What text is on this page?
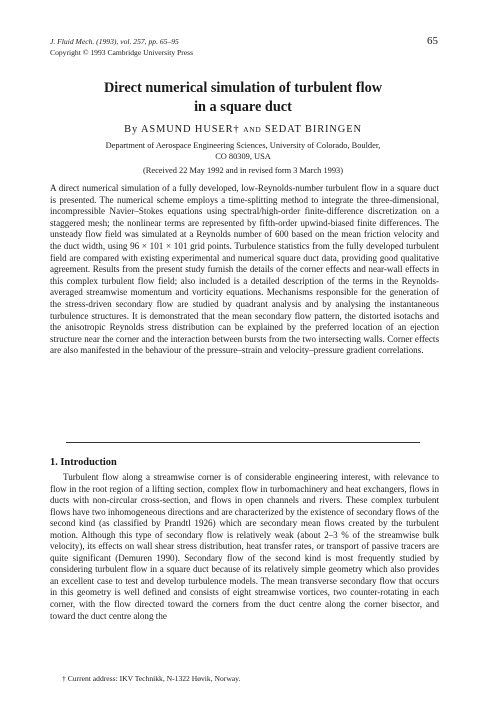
J. Fluid Mech. (1993), vol. 257, pp. 65–95
Copyright © 1993 Cambridge University Press
65
Direct numerical simulation of turbulent flow
in a square duct
By ASMUND HUSER† AND SEDAT BIRINGEN
Department of Aerospace Engineering Sciences, University of Colorado, Boulder,
CO 80309, USA
(Received 22 May 1992 and in revised form 3 March 1993)

A direct numerical simulation of a fully developed, low-Reynolds-number turbulent flow in a square duct is presented. The numerical scheme employs a time-splitting method to integrate the three-dimensional, incompressible Navier–Stokes equations using spectral/high-order finite-difference discretization on a staggered mesh; the nonlinear terms are represented by fifth-order upwind-biased finite differences. The unsteady flow field was simulated at a Reynolds number of 600 based on the mean friction velocity and the duct width, using 96 × 101 × 101 grid points. Turbulence statistics from the fully developed turbulent field are compared with existing experimental and numerical square duct data, providing good qualitative agreement. Results from the present study furnish the details of the corner effects and near-wall effects in this complex turbulent flow field; also included is a detailed description of the terms in the Reynolds-averaged streamwise momentum and vorticity equations. Mechanisms responsible for the generation of the stress-driven secondary flow are studied by quadrant analysis and by analysing the instantaneous turbulence structures. It is demonstrated that the mean secondary flow pattern, the distorted isotachs and the anisotropic Reynolds stress distribution can be explained by the preferred location of an ejection structure near the corner and the interaction between bursts from the two intersecting walls. Corner effects are also manifested in the behaviour of the pressure–strain and velocity–pressure gradient correlations.

1. Introduction

Turbulent flow along a streamwise corner is of considerable engineering interest, with relevance to flow in the root region of a lifting section, complex flow in turbomachinery and heat exchangers, flows in ducts with non-circular cross-section, and flows in open channels and rivers. These complex turbulent flows have two inhomogeneous directions and are characterized by the existence of secondary flows of the second kind (as classified by Prandtl 1926) which are secondary mean flows created by the turbulent motion. Although this type of secondary flow is relatively weak (about 2–3 % of the streamwise bulk velocity), its effects on wall shear stress distribution, heat transfer rates, or transport of passive tracers are quite significant (Demuren 1990). Secondary flow of the second kind is most frequently studied by considering turbulent flow in a square duct because of its relatively simple geometry which also provides an excellent case to test and develop turbulence models. The mean transverse secondary flow that occurs in this geometry is well defined and consists of eight streamwise vortices, two counter-rotating in each corner, with the flow directed toward the corners from the duct centre along the corner bisector, and toward the duct centre along the

† Current address: IKV Technikk, N-1322 Høvik, Norway.
